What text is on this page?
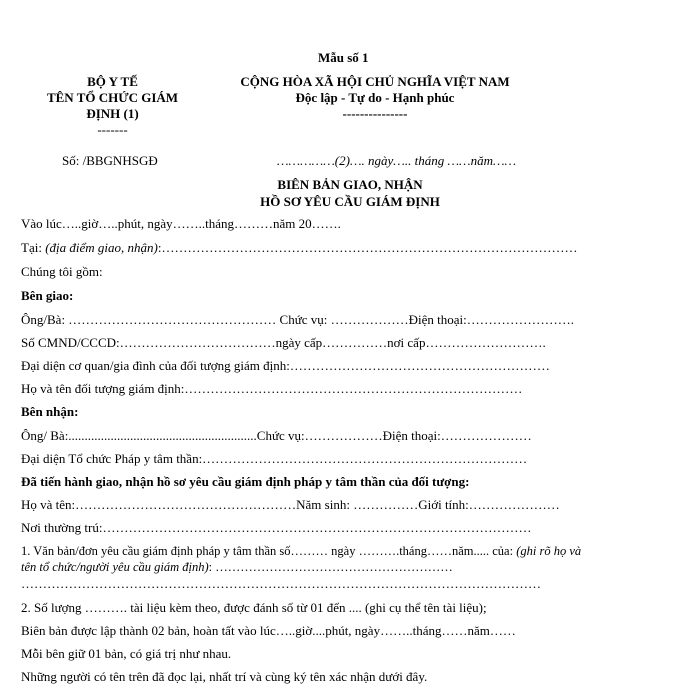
Mẫu số 1
BỘ Y TẾ
TÊN TỔ CHỨC GIÁM
ĐỊNH (1)
-------
CỘNG HÒA XÃ HỘI CHỦ NGHĨA VIỆT NAM
Độc lập - Tự do - Hạnh phúc
---------------
Số: /BBGNHSGĐ	……………(2)…. ngày….. tháng ……năm……
BIÊN BẢN GIAO, NHẬN
HỒ SƠ YÊU CẦU GIÁM ĐỊNH
Vào lúc…..giờ…..phút, ngày……..tháng………năm 20…….
Tại: (địa điểm giao, nhận):……………………………………………………………………………………
Chúng tôi gồm:
Bên giao:
Ông/Bà: ………………………………………… Chức vụ: ………………Điện thoại:…………………….
Số CMND/CCCD:………………………………ngày cấp……………nơi cấp……………………….
Đại diện cơ quan/gia đình của đối tượng giám định:……………………………………………………
Họ và tên đối tượng giám định:……………………………………………………………………
Bên nhận:
Ông/ Bà:..........................................................Chức vụ:………………Điện thoại:…………………
Đại diện Tổ chức Pháp y tâm thần:…………………………………………………………………
Đã tiến hành giao, nhận hồ sơ yêu cầu giám định pháp y tâm thần của đối tượng:
Họ và tên:……………………………………………Năm sinh: ……………Giới tính:…………………
Nơi thường trú:………………………………………………………………………………………
1. Văn bản/đơn yêu cầu giám định pháp y tâm thần số……… ngày ……….tháng……năm..... của: (ghi rõ họ và
tên tổ chức/người yêu cầu giám định): …………………………………………………
…………………………………………………………………………………………………………
2. Số lượng ………. tài liệu kèm theo, được đánh số từ 01 đến .... (ghi cụ thể tên tài liệu);
Biên bản được lập thành 02 bản, hoàn tất vào lúc…..giờ....phút, ngày……..tháng……năm……
Mỗi bên giữ 01 bản, có giá trị như nhau.
Những người có tên trên đã đọc lại, nhất trí và cùng ký tên xác nhận dưới đây.
